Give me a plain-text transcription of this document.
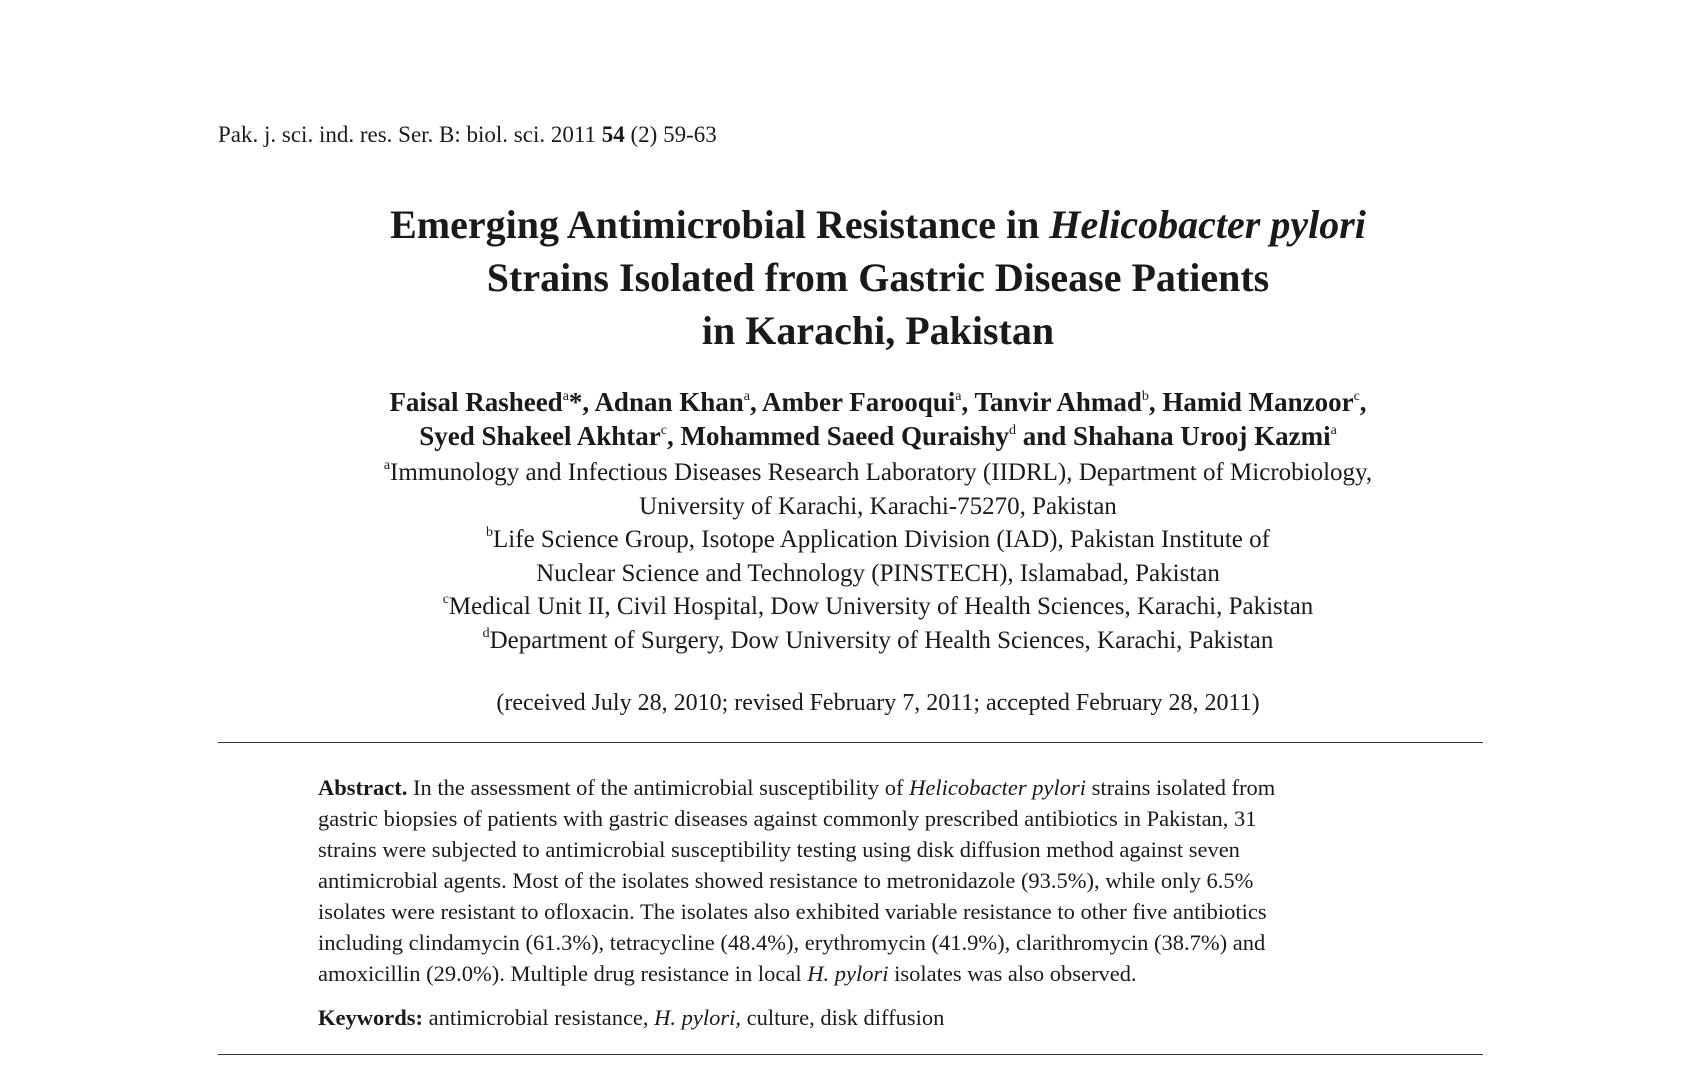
Pak. j. sci. ind. res. Ser. B: biol. sci. 2011 54 (2) 59-63
Emerging Antimicrobial Resistance in Helicobacter pylori
Strains Isolated from Gastric Disease Patients
in Karachi, Pakistan
Faisal Rasheed$^a$*, Adnan Khan$^a$, Amber Farooqui$^a$, Tanvir Ahmad$^b$, Hamid Manzoor$^c$,
Syed Shakeel Akhtar$^c$, Mohammed Saeed Quraishy$^d$ and Shahana Urooj Kazmi$^a$
$^a$Immunology and Infectious Diseases Research Laboratory (IIDRL), Department of Microbiology,
University of Karachi, Karachi-75270, Pakistan
$^b$Life Science Group, Isotope Application Division (IAD), Pakistan Institute of
Nuclear Science and Technology (PINSTECH), Islamabad, Pakistan
$^c$Medical Unit II, Civil Hospital, Dow University of Health Sciences, Karachi, Pakistan
$^d$Department of Surgery, Dow University of Health Sciences, Karachi, Pakistan
(received July 28, 2010; revised February 7, 2011; accepted February 28, 2011)
Abstract. In the assessment of the antimicrobial susceptibility of Helicobacter pylori strains isolated from
gastric biopsies of patients with gastric diseases against commonly prescribed antibiotics in Pakistan, 31
strains were subjected to antimicrobial susceptibility testing using disk diffusion method against seven
antimicrobial agents. Most of the isolates showed resistance to metronidazole (93.5%), while only 6.5%
isolates were resistant to ofloxacin. The isolates also exhibited variable resistance to other five antibiotics
including clindamycin (61.3%), tetracycline (48.4%), erythromycin (41.9%), clarithromycin (38.7%) and
amoxicillin (29.0%). Multiple drug resistance in local H. pylori isolates was also observed.
Keywords: antimicrobial resistance, H. pylori, culture, disk diffusion
